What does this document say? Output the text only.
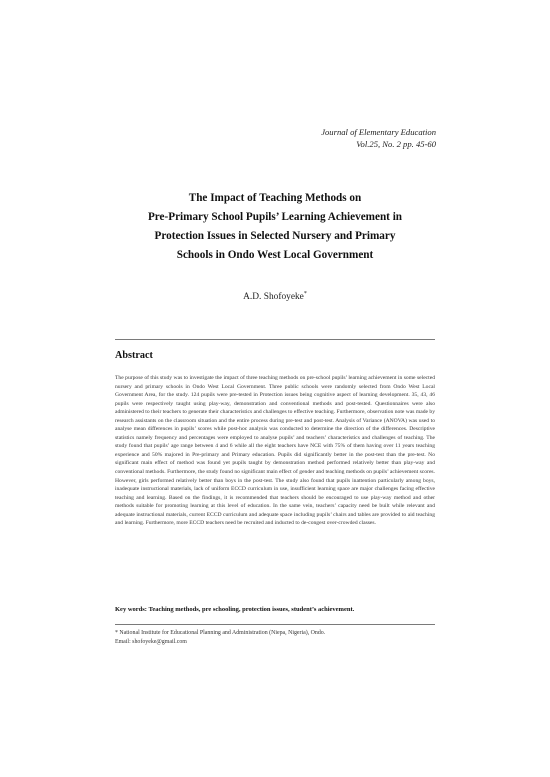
Journal of Elementary Education
Vol.25, No. 2 pp. 45-60
The Impact of Teaching Methods on
Pre-Primary School Pupils’ Learning Achievement in
Protection Issues in Selected Nursery and Primary
Schools in Ondo West Local Government
A.D. Shofoyeke*
Abstract
The purpose of this study was to investigate the impact of three teaching methods on pre-school pupils’ learning achievement in some selected nursery and primary schools in Ondo West Local Government. Three public schools were randomly selected from Ondo West Local Government Area, for the study. 124 pupils were pre-tested in Protection issues being cognitive aspect of learning development. 35, 43, 46 pupils were respectively taught using play-way, demonstration and conventional methods and post-tested. Questionnaires were also administered to their teachers to generate their characteristics and challenges to effective teaching. Furthermore, observation note was made by research assistants on the classroom situation and the entire process during pre-test and post-test. Analysis of Variance (ANOVA) was used to analyse mean differences in pupils’ scores while post-hoc analysis was conducted to determine the direction of the differences. Descriptive statistics namely frequency and percentages were employed to analyse pupils’ and teachers’ characteristics and challenges of teaching. The study found that pupils’ age range between 4 and 6 while all the eight teachers have NCE with 75% of them having over 11 years teaching experience and 50% majored in Pre-primary and Primary education. Pupils did significantly better in the post-test than the pre-test. No significant main effect of method was found yet pupils taught by demonstration method performed relatively better than play-way and conventional methods. Furthermore, the study found no significant main effect of gender and teaching methods on pupils’ achievement scores. However, girls performed relatively better than boys in the post-test. The study also found that pupils inattention particularly among boys, inadequate instructional materials, lack of uniform ECCD curriculum in use, insufficient learning space are major challenges facing effective teaching and learning. Based on the findings, it is recommended that teachers should be encouraged to use play-way method and other methods suitable for promoting learning at this level of education. In the same vein, teachers’ capacity need be built while relevant and adequate instructional materials, current ECCD curriculum and adequate space including pupils’ chairs and tables are provided to aid teaching and learning. Furthermore, more ECCD teachers need be recruited and inducted to de-congest over-crowded classes.
Key words: Teaching methods, pre schooling, protection issues, student’s achievement.
* National Institute for Educational Planning and Administration (Niepa, Nigeria), Ondo.
Email: shofoyeke@gmail.com
